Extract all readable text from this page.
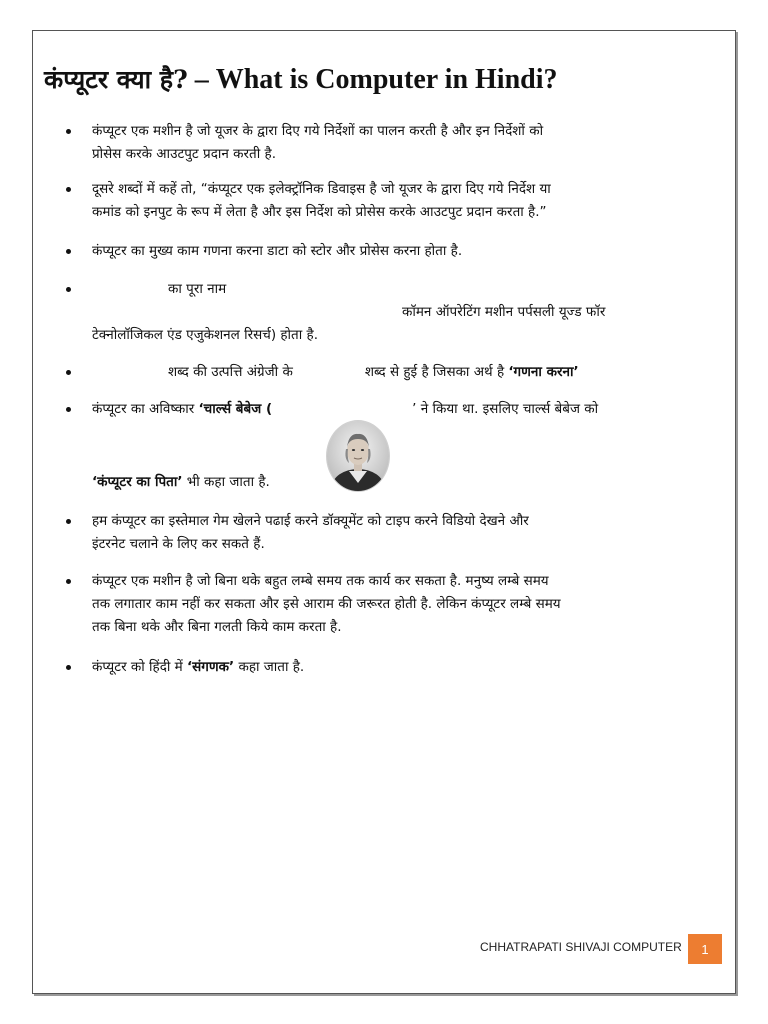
कंप्यूटर क्या है? – What is Computer in Hindi?
कंप्यूटर एक मशीन है जो यूजर के द्वारा दिए गये निर्देशों का पालन करती है और इन निर्देशों को
प्रोसेस करके आउटपुट प्रदान करती है.
दूसरे शब्दों में कहें तो, “कंप्यूटर एक इलेक्ट्रॉनिक डिवाइस है जो यूजर के द्वारा दिए गये निर्देश या
कमांड को इनपुट के रूप में लेता है और इस निर्देश को प्रोसेस करके आउटपुट प्रदान करता है.”
कंप्यूटर का मुख्य काम गणना करना डाटा को स्टोर और प्रोसेस करना होता है.
का पूरा नाम
कॉमन ऑपरेटिंग मशीन पर्पसली यूज्ड फॉर
टेक्नोलॉजिकल एंड एजुकेशनल रिसर्च) होता है.
शब्द की उत्पत्ति अंग्रेजी के	शब्द से हुई है जिसका अर्थ है ‘गणना करना’
कंप्यूटर का अविष्कार ‘चार्ल्स बेबेज (	’ ने किया था. इसलिए चार्ल्स बेबेज को
‘कंप्यूटर का पिता’ भी कहा जाता है.
हम कंप्यूटर का इस्तेमाल गेम खेलने पढाई करने डॉक्यूमेंट को टाइप करने विडियो देखने और
इंटरनेट चलाने के लिए कर सकते हैं.
कंप्यूटर एक मशीन है जो बिना थके बहुत लम्बे समय तक कार्य कर सकता है. मनुष्य लम्बे समय
तक लगातार काम नहीं कर सकता और इसे आराम की जरूरत होती है. लेकिन कंप्यूटर लम्बे समय
तक बिना थके और बिना गलती किये काम करता है.
कंप्यूटर को हिंदी में ‘संगणक’ कहा जाता है.
CHHATRAPATI SHIVAJI COMPUTER	1
